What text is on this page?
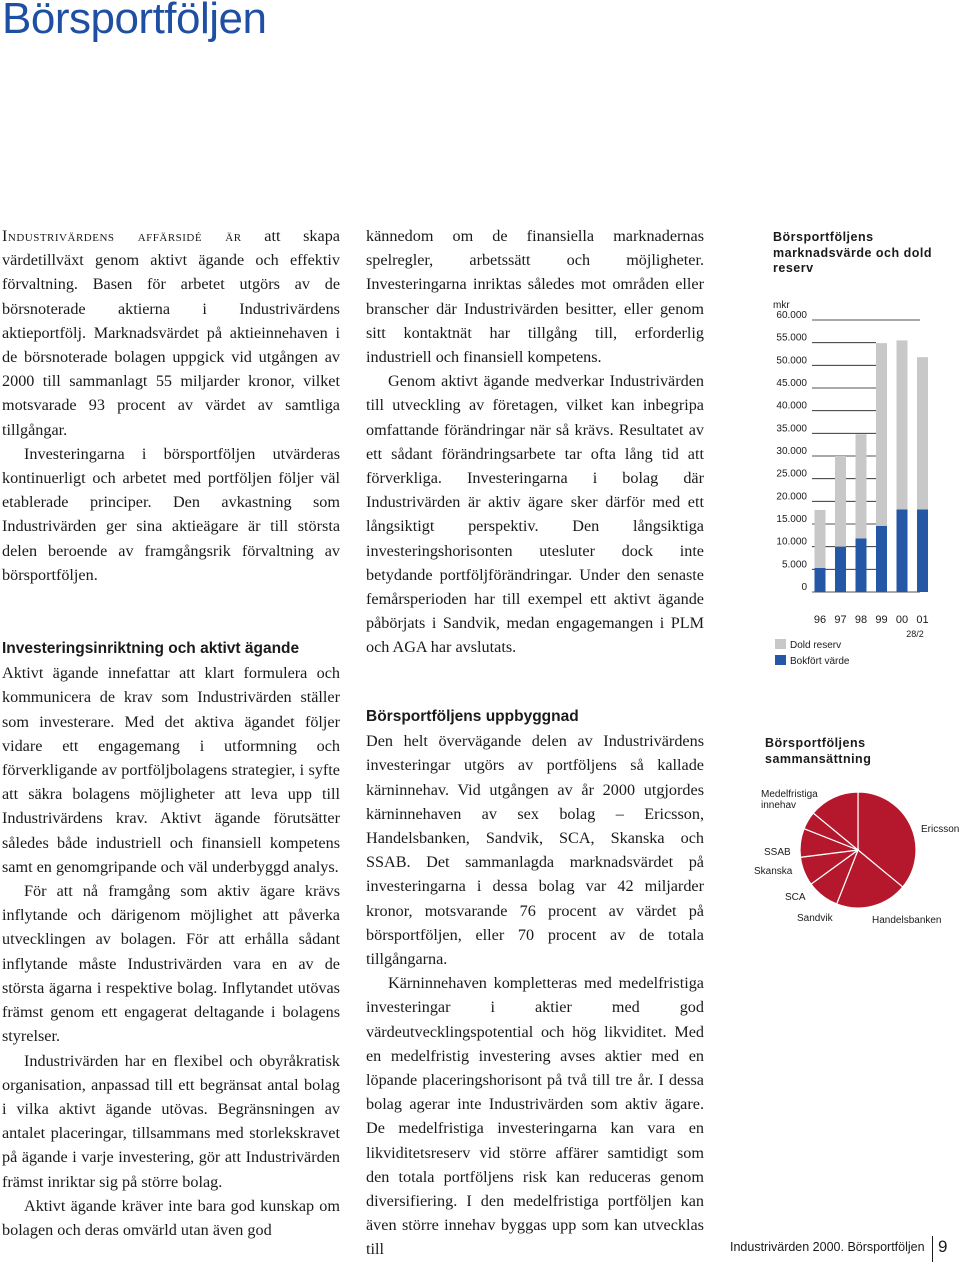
Börsportföljen

Industrivärdens affärsidé är att skapa värdetillväxt genom aktivt ägande och effektiv förvaltning. Basen för arbetet utgörs av de börsnoterade aktierna i Industrivärdens aktieportfölj. Marknadsvärdet på aktieinnehaven i de börsnoterade bolagen uppgick vid utgången av 2000 till sammanlagt 55 miljarder kronor, vilket motsvarade 93 procent av värdet av samtliga tillgångar.

Investeringarna i börsportföljen utvärderas kontinuerligt och arbetet med portföljen följer väl etablerade principer. Den avkastning som Industrivärden ger sina aktieägare är till största delen beroende av framgångsrik förvaltning av börsportföljen.

Investeringsinriktning och aktivt ägande

Aktivt ägande innefattar att klart formulera och kommunicera de krav som Industrivärden ställer som investerare. Med det aktiva ägandet följer vidare ett engagemang i utformning och förverkligande av portföljbolagens strategier, i syfte att säkra bolagens möjligheter att leva upp till Industrivärdens krav. Aktivt ägande förutsätter således både industriell och finansiell kompetens samt en genomgripande och väl underbyggd analys.

För att nå framgång som aktiv ägare krävs inflytande och därigenom möjlighet att påverka utvecklingen av bolagen. För att erhålla sådant inflytande måste Industrivärden vara en av de största ägarna i respektive bolag. Inflytandet utövas främst genom ett engagerat deltagande i bolagens styrelser.

Industrivärden har en flexibel och obyråkratisk organisation, anpassad till ett begränsat antal bolag i vilka aktivt ägande utövas. Begränsningen av antalet placeringar, tillsammans med storlekskravet på ägande i varje investering, gör att Industrivärden främst inriktar sig på större bolag.

Aktivt ägande kräver inte bara god kunskap om bolagen och deras omvärld utan även god

kännedom om de finansiella marknadernas spelregler, arbetssätt och möjligheter. Investeringarna inriktas således mot områden eller branscher där Industrivärden besitter, eller genom sitt kontaktnät har tillgång till, erforderlig industriell och finansiell kompetens.

Genom aktivt ägande medverkar Industrivärden till utveckling av företagen, vilket kan inbegripa omfattande förändringar när så krävs. Resultatet av ett sådant förändringsarbete tar ofta lång tid att förverkliga. Investeringarna i bolag där Industrivärden är aktiv ägare sker därför med ett långsiktigt perspektiv. Den långsiktiga investeringshorisonten utesluter dock inte betydande portföljförändringar. Under den senaste femårsperioden har till exempel ett aktivt ägande påbörjats i Sandvik, medan engagemangen i PLM och AGA har avslutats.

Börsportföljens uppbyggnad

Den helt övervägande delen av Industrivärdens investeringar utgörs av portföljens så kallade kärninnehav. Vid utgången av år 2000 utgjordes kärninnehaven av sex bolag – Ericsson, Handelsbanken, Sandvik, SCA, Skanska och SSAB. Det sammanlagda marknadsvärdet på investeringarna i dessa bolag var 42 miljarder kronor, motsvarande 76 procent av värdet på börsportföljen, eller 70 procent av de totala tillgångarna.

Kärninnehaven kompletteras med medelfristiga investeringar i aktier med god värdeutvecklingspotential och hög likviditet. Med en medelfristig investering avses aktier med en löpande placeringshorisont på två till tre år. I dessa bolag agerar inte Industrivärden som aktiv ägare. De medelfristiga investeringarna kan vara en likviditetsreserv vid större affärer samtidigt som den totala portföljens risk kan reduceras genom diversifiering. I den medelfristiga portföljen kan även större innehav byggas upp som kan utvecklas till

Börsportföljens marknadsvärde och dold reserv
mkr
0
5.000
10.000
15.000
20.000
25.000
30.000
35.000
40.000
45.000
50.000
55.000
60.000
96 97 98 99 00 01
28/2
Dold reserv
Bokfört värde
Börsportföljens sammansättning
Ericsson
Handelsbanken
Sandvik
SCA
Skanska
SSAB
Medelfristiga innehav
Industrivärden 2000. Börsportföljen 9
